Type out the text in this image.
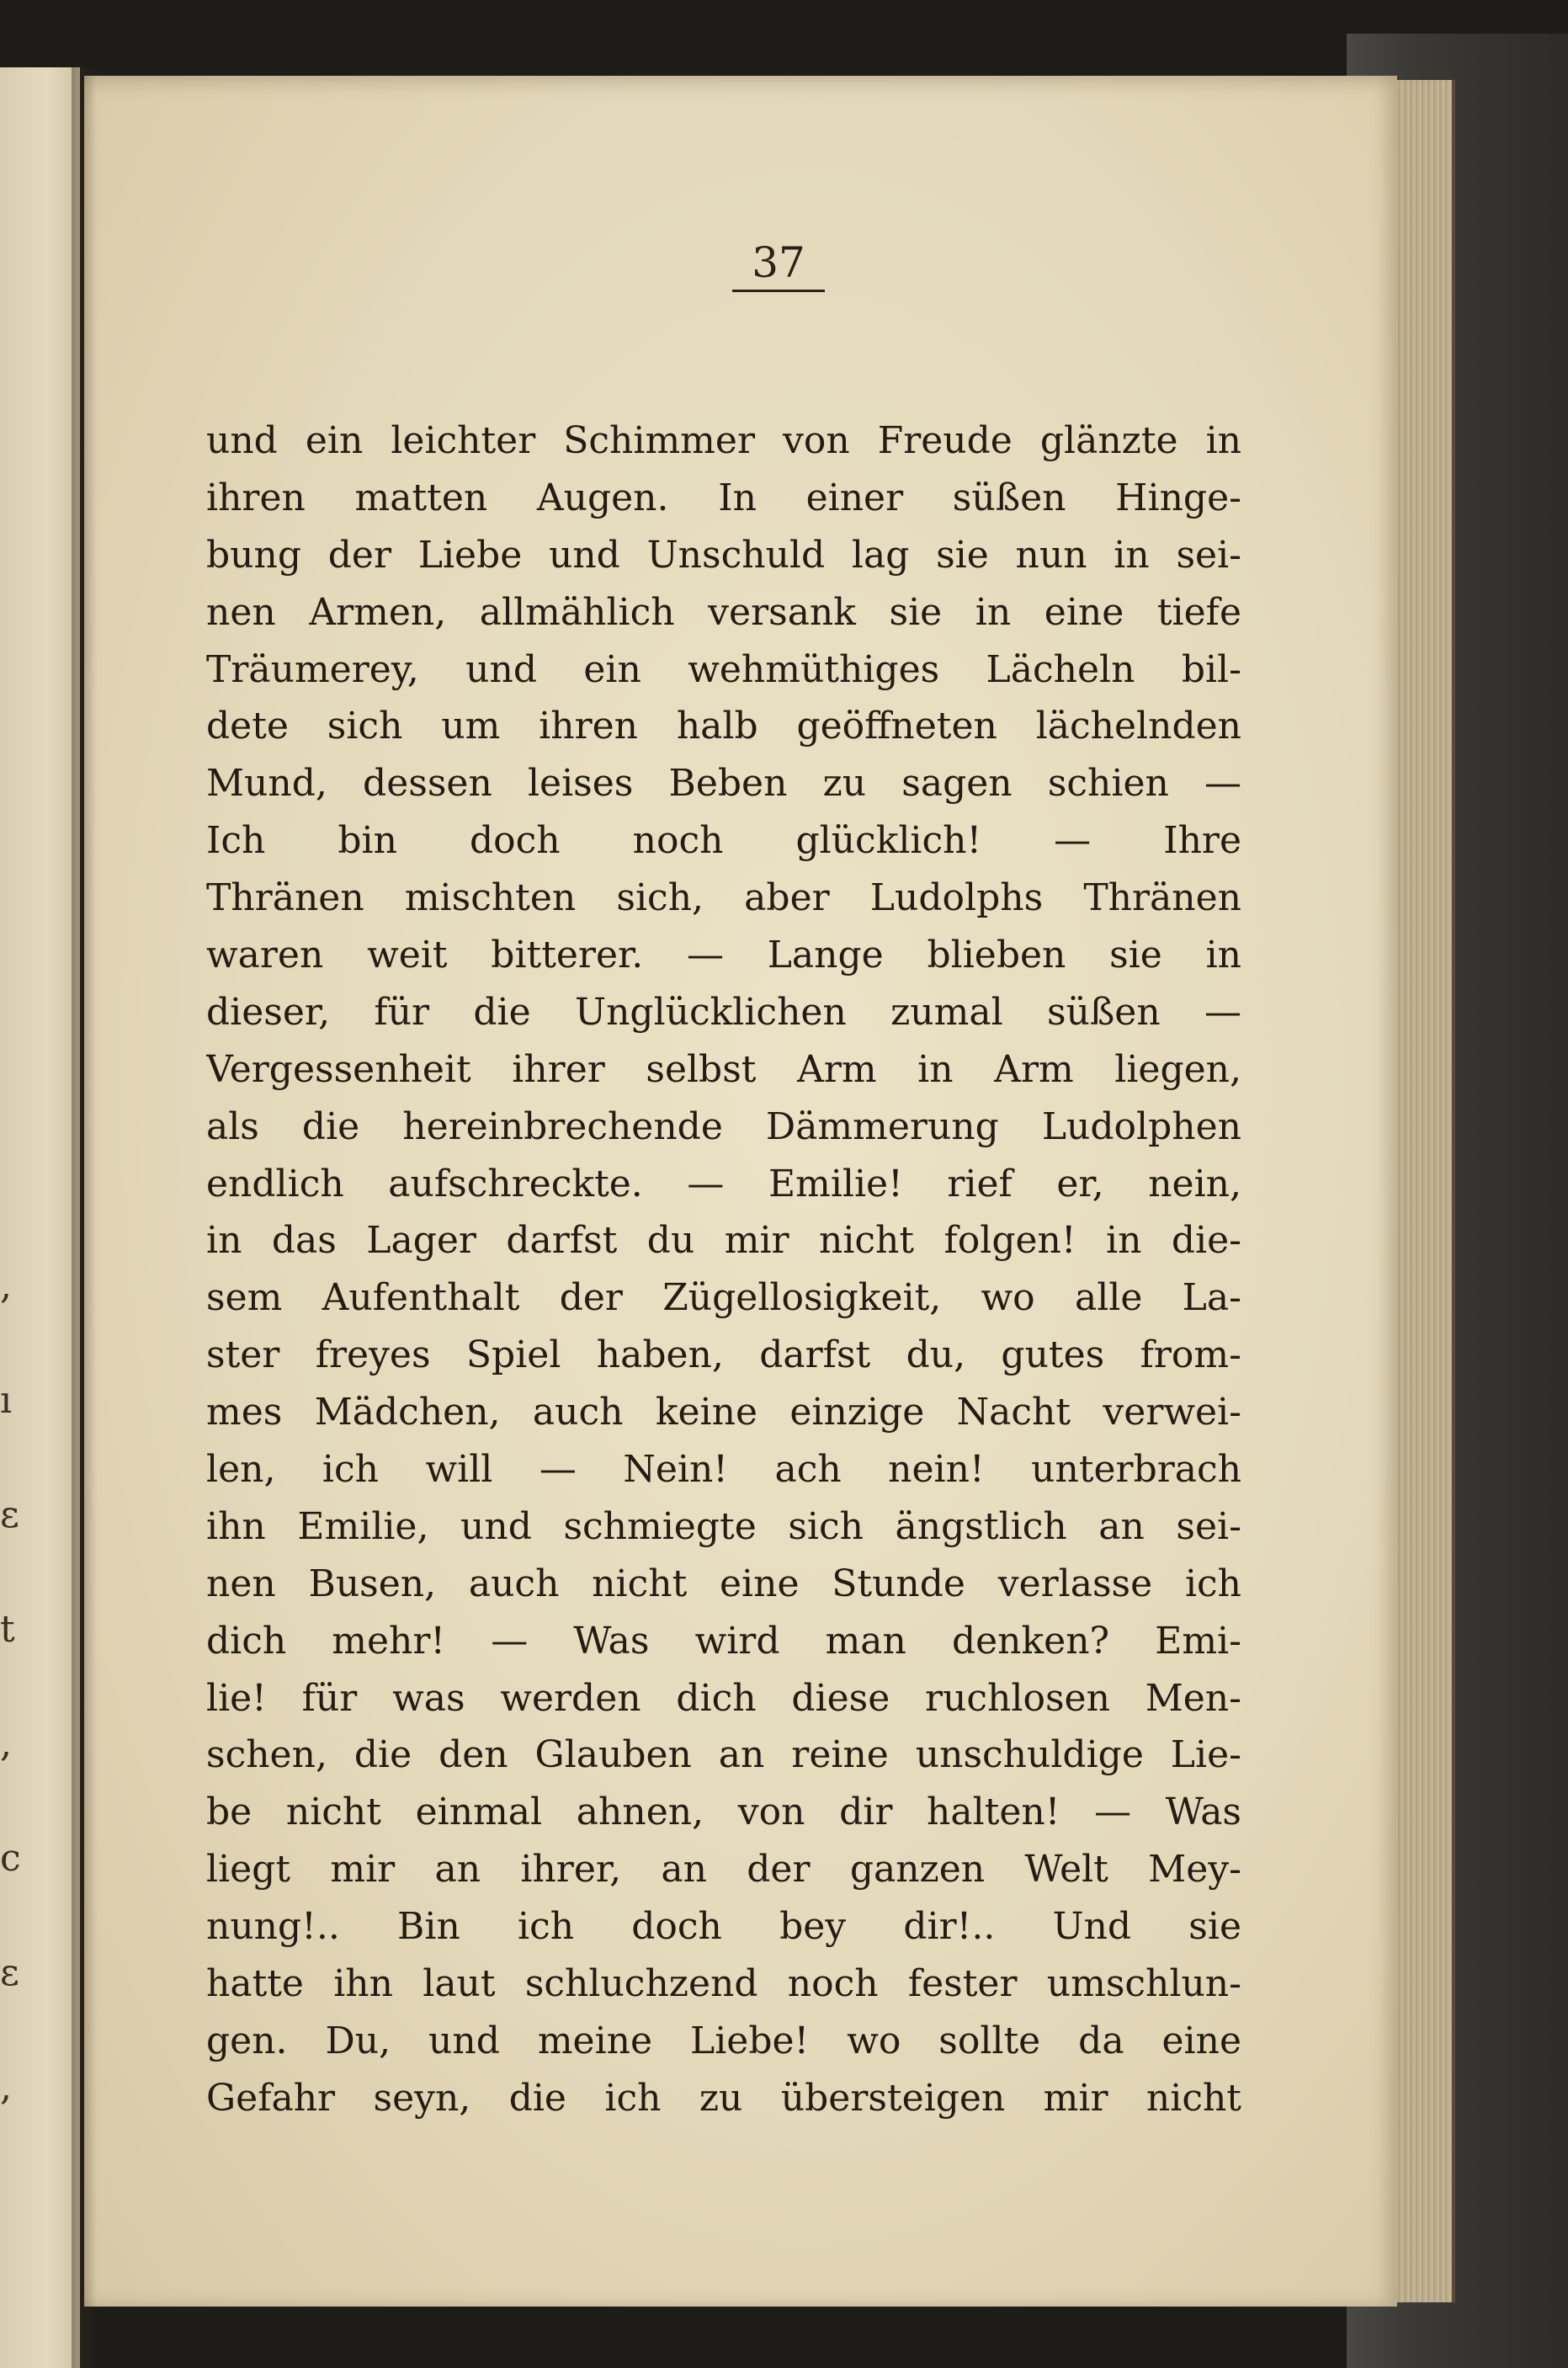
,
ı
ɛ
t
,
c
ɛ
,
37
und ein leichter Schimmer von Freude glänzte in
ihren matten Augen. In einer süßen Hinge-
bung der Liebe und Unschuld lag sie nun in sei-
nen Armen, allmählich versank sie in eine tiefe
Träumerey, und ein wehmüthiges Lächeln bil-
dete sich um ihren halb geöffneten lächelnden
Mund, dessen leises Beben zu sagen schien —
Ich bin doch noch glücklich! — Ihre
Thränen mischten sich, aber Ludolphs Thränen
waren weit bitterer. — Lange blieben sie in
dieser, für die Unglücklichen zumal süßen —
Vergessenheit ihrer selbst Arm in Arm liegen,
als die hereinbrechende Dämmerung Ludolphen
endlich aufschreckte. — Emilie! rief er, nein,
in das Lager darfst du mir nicht folgen! in die-
sem Aufenthalt der Zügellosigkeit, wo alle La-
ster freyes Spiel haben, darfst du, gutes from-
mes Mädchen, auch keine einzige Nacht verwei-
len, ich will — Nein! ach nein! unterbrach
ihn Emilie, und schmiegte sich ängstlich an sei-
nen Busen, auch nicht eine Stunde verlasse ich
dich mehr! — Was wird man denken? Emi-
lie! für was werden dich diese ruchlosen Men-
schen, die den Glauben an reine unschuldige Lie-
be nicht einmal ahnen, von dir halten! — Was
liegt mir an ihrer, an der ganzen Welt Mey-
nung!.. Bin ich doch bey dir!.. Und sie
hatte ihn laut schluchzend noch fester umschlun-
gen. Du, und meine Liebe! wo sollte da eine
Gefahr seyn, die ich zu übersteigen mir nicht
